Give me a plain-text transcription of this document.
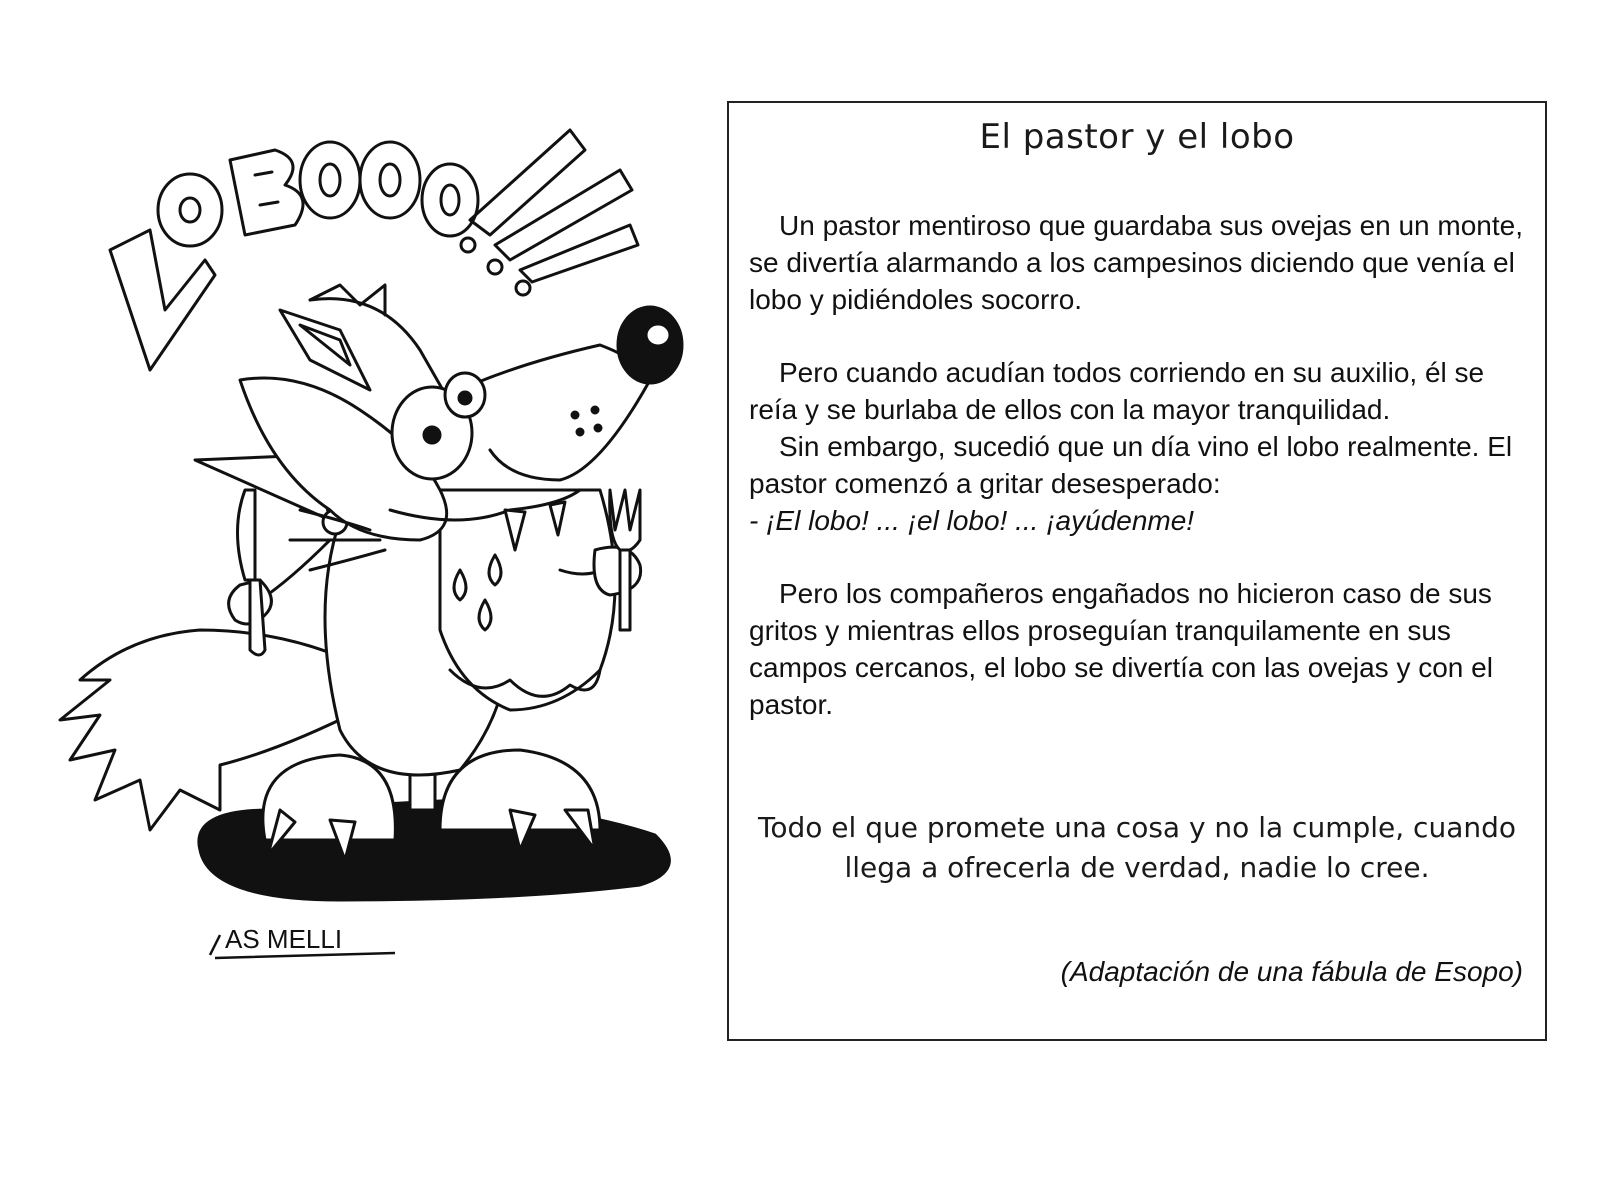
AS MELLI
El pastor y el lobo

Un pastor mentiroso que guardaba sus ovejas en un monte, se divertía alarmando a los campesinos diciendo que venía el lobo y pidiéndoles socorro.

Pero cuando acudían todos corriendo en su auxilio, él se reía y se burlaba de ellos con la mayor tranquilidad.

Sin embargo, sucedió que un día vino el lobo realmente. El pastor comenzó a gritar desesperado:

- ¡El lobo! ... ¡el lobo! ... ¡ayúdenme!

Pero los compañeros engañados no hicieron caso de sus gritos y mientras ellos proseguían tranquilamente en sus campos cercanos, el lobo se divertía con las ovejas y con el pastor.

Todo el que promete una cosa y no la cumple, cuando llega a ofrecerla de verdad, nadie lo cree.
(Adaptación de una fábula de Esopo)
